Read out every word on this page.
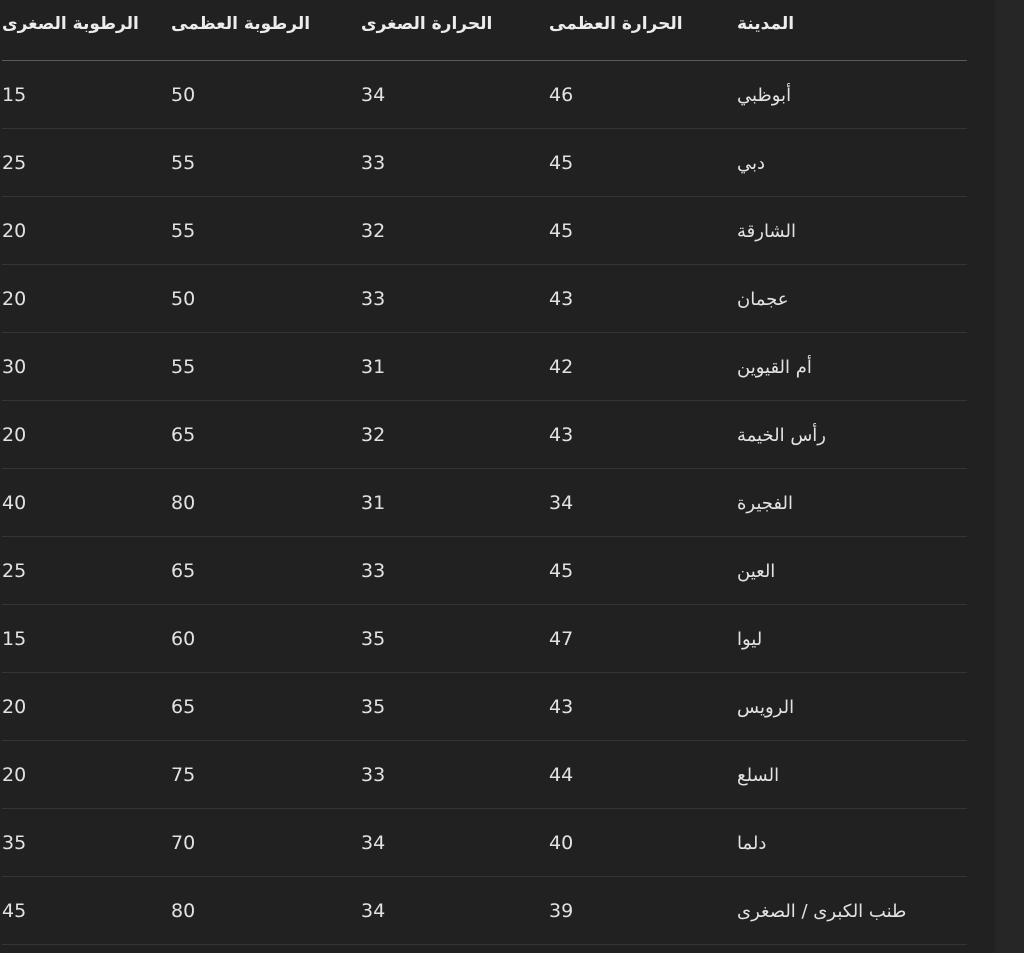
المدينة	الحرارة العظمى	الحرارة الصغرى	الرطوبة العظمى	الرطوبة الصغرى

أبوظبي	46	34	50	15

دبي	45	33	55	25

الشارقة	45	32	55	20

عجمان	43	33	50	20

أم القيوين	42	31	55	30

رأس الخيمة	43	32	65	20

الفجيرة	34	31	80	40

العين	45	33	65	25

ليوا	47	35	60	15

الرويس	43	35	65	20

السلع	44	33	75	20

دلما	40	34	70	35

طنب الكبرى / الصغرى	39	34	80	45
